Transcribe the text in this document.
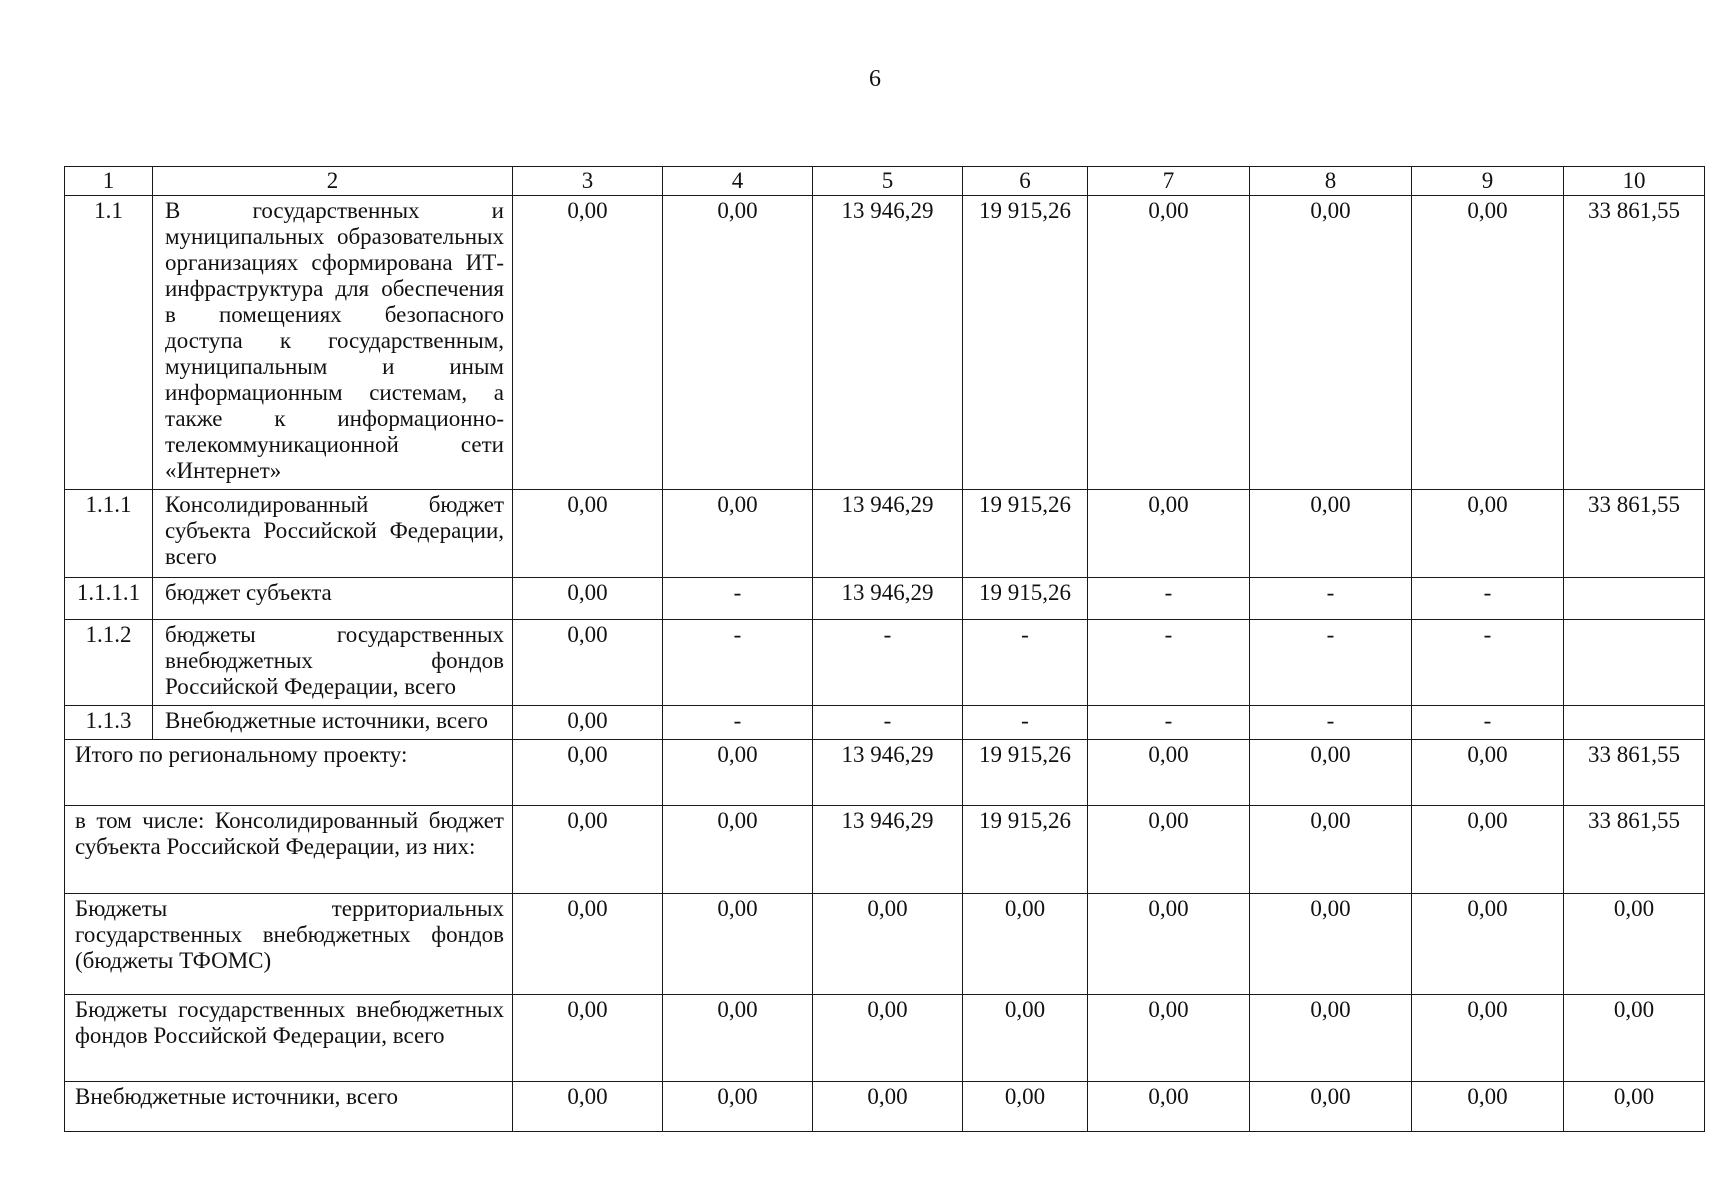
6
1	2	3	4	5	6	7	8	9	10
1.1	В государственных и муниципальных образовательных организациях сформирована ИТ-инфраструктура для обеспечения в помещениях безопасного доступа к государственным, муниципальным и иным информационным системам, а также к информационно-телекоммуникационной сети «Интернет»	0,00	0,00	13 946,29	19 915,26	0,00	0,00	0,00	33 861,55
1.1.1	Консолидированный бюджет субъекта Российской Федерации, всего	0,00	0,00	13 946,29	19 915,26	0,00	0,00	0,00	33 861,55
1.1.1.1	бюджет субъекта	0,00	-	13 946,29	19 915,26	-	-	-	
1.1.2	бюджеты государственных внебюджетных фондов Российской Федерации, всего	0,00	-	-	-	-	-	-	
1.1.3	Внебюджетные источники, всего	0,00	-	-	-	-	-	-	
Итого по региональному проекту:		0,00	0,00	13 946,29	19 915,26	0,00	0,00	0,00	33 861,55
в том числе: Консолидированный бюджет субъекта Российской Федерации, из них:		0,00	0,00	13 946,29	19 915,26	0,00	0,00	0,00	33 861,55
Бюджеты территориальных государственных внебюджетных фондов (бюджеты ТФОМС)		0,00	0,00	0,00	0,00	0,00	0,00	0,00	0,00
Бюджеты государственных внебюджетных фондов Российской Федерации, всего		0,00	0,00	0,00	0,00	0,00	0,00	0,00	0,00
Внебюджетные источники, всего		0,00	0,00	0,00	0,00	0,00	0,00	0,00	0,00
